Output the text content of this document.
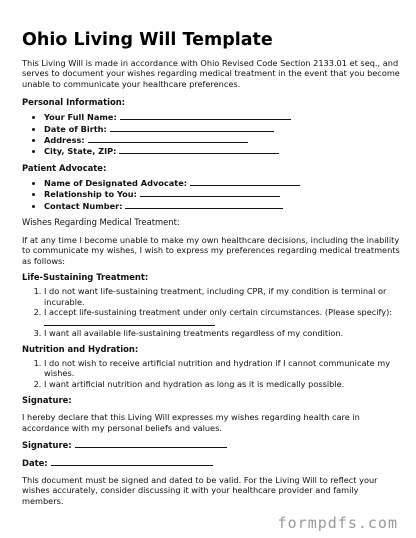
Ohio Living Will Template

This Living Will is made in accordance with Ohio Revised Code Section 2133.01 et seq., and serves to document your wishes regarding medical treatment in the event that you become unable to communicate your healthcare preferences.

Personal Information:
• Your Full Name:
• Date of Birth:
• Address:
• City, State, ZIP:
Patient Advocate:
• Name of Designated Advocate:
• Relationship to You:
• Contact Number:
Wishes Regarding Medical Treatment:

If at any time I become unable to make my own healthcare decisions, including the inability to communicate my wishes, I wish to express my preferences regarding medical treatments as follows:

Life-Sustaining Treatment:
1. I do not want life-sustaining treatment, including CPR, if my condition is terminal or incurable.
2. I accept life-sustaining treatment under only certain circumstances. (Please specify):
3. I want all available life-sustaining treatments regardless of my condition.
Nutrition and Hydration:
1. I do not wish to receive artificial nutrition and hydration if I cannot communicate my wishes.
2. I want artificial nutrition and hydration as long as it is medically possible.
Signature:

I hereby declare that this Living Will expresses my wishes regarding health care in accordance with my personal beliefs and values.

Signature:
Date:

This document must be signed and dated to be valid. For the Living Will to reflect your wishes accurately, consider discussing it with your healthcare provider and family members.

formpdfs.com
